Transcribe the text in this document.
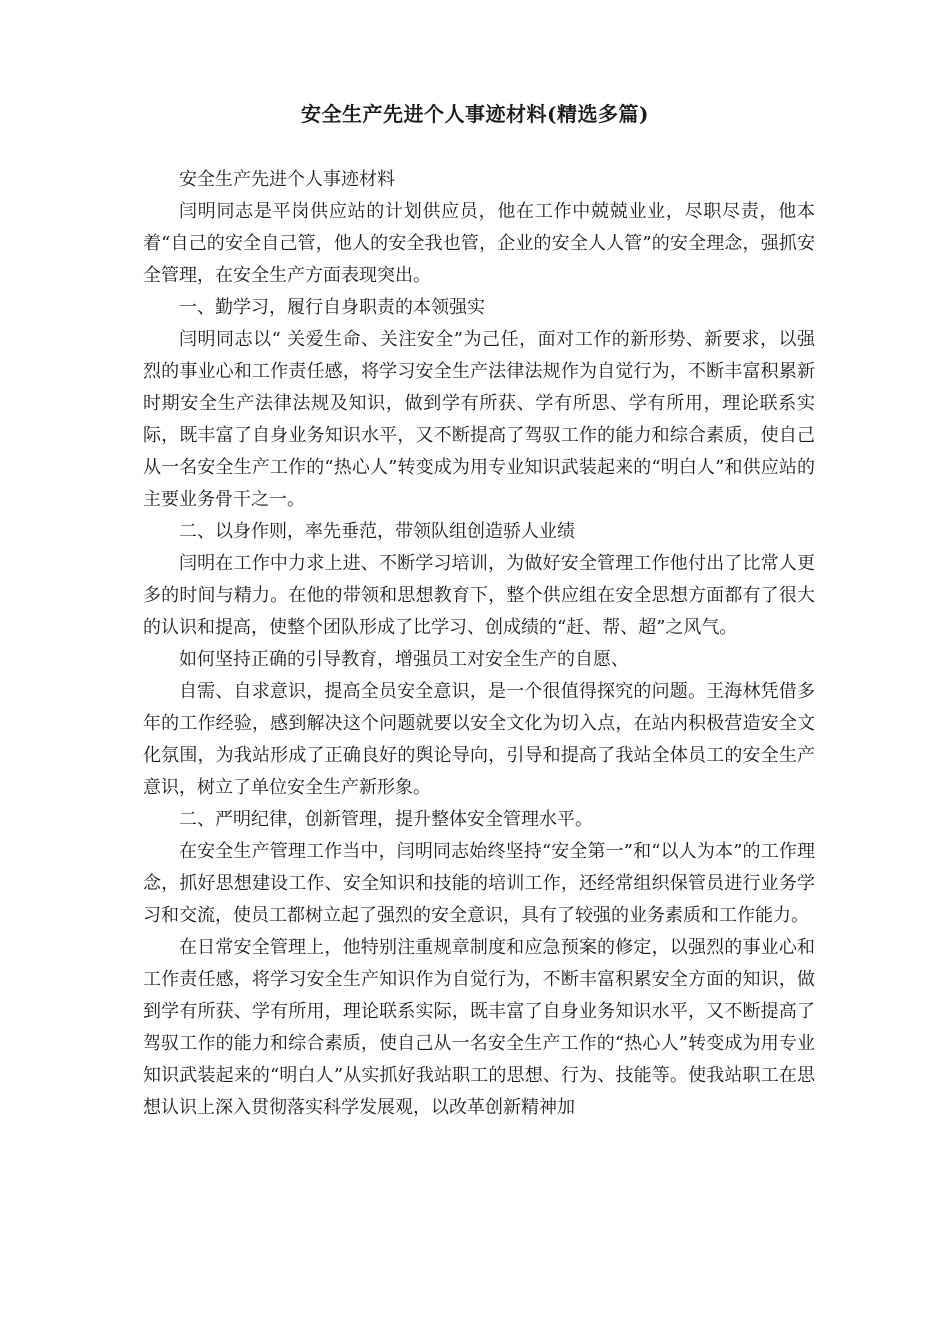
安全生产先进个人事迹材料(精选多篇)

安全生产先进个人事迹材料

闫明同志是平岗供应站的计划供应员，他在工作中兢兢业业，尽职尽责，他本着“自己的安全自己管，他人的安全我也管，企业的安全人人管”的安全理念，强抓安全管理，在安全生产方面表现突出。

一、勤学习，履行自身职责的本领强实

闫明同志以“ 关爱生命、关注安全”为己任，面对工作的新形势、新要求，以强烈的事业心和工作责任感，将学习安全生产法律法规作为自觉行为，不断丰富积累新时期安全生产法律法规及知识，做到学有所获、学有所思、学有所用，理论联系实际，既丰富了自身业务知识水平，又不断提高了驾驭工作的能力和综合素质，使自己从一名安全生产工作的“热心人”转变成为用专业知识武装起来的“明白人”和供应站的主要业务骨干之一。

二、以身作则，率先垂范，带领队组创造骄人业绩

闫明在工作中力求上进、不断学习培训，为做好安全管理工作他付出了比常人更多的时间与精力。在他的带领和思想教育下，整个供应组在安全思想方面都有了很大的认识和提高，使整个团队形成了比学习、创成绩的“赶、帮、超”之风气。

如何坚持正确的引导教育，增强员工对安全生产的自愿、

自需、自求意识，提高全员安全意识，是一个很值得探究的问题。王海林凭借多年的工作经验，感到解决这个问题就要以安全文化为切入点，在站内积极营造安全文化氛围，为我站形成了正确良好的舆论导向，引导和提高了我站全体员工的安全生产意识，树立了单位安全生产新形象。

二、严明纪律，创新管理，提升整体安全管理水平。

在安全生产管理工作当中，闫明同志始终坚持“安全第一”和“以人为本”的工作理念，抓好思想建设工作、安全知识和技能的培训工作，还经常组织保管员进行业务学习和交流，使员工都树立起了强烈的安全意识，具有了较强的业务素质和工作能力。

在日常安全管理上，他特别注重规章制度和应急预案的修定，以强烈的事业心和工作责任感，将学习安全生产知识作为自觉行为，不断丰富积累安全方面的知识，做到学有所获、学有所用，理论联系实际，既丰富了自身业务知识水平，又不断提高了驾驭工作的能力和综合素质，使自己从一名安全生产工作的“热心人”转变成为用专业知识武装起来的“明白人”从实抓好我站职工的思想、行为、技能等。使我站职工在思想认识上深入贯彻落实科学发展观，以改革创新精神加
